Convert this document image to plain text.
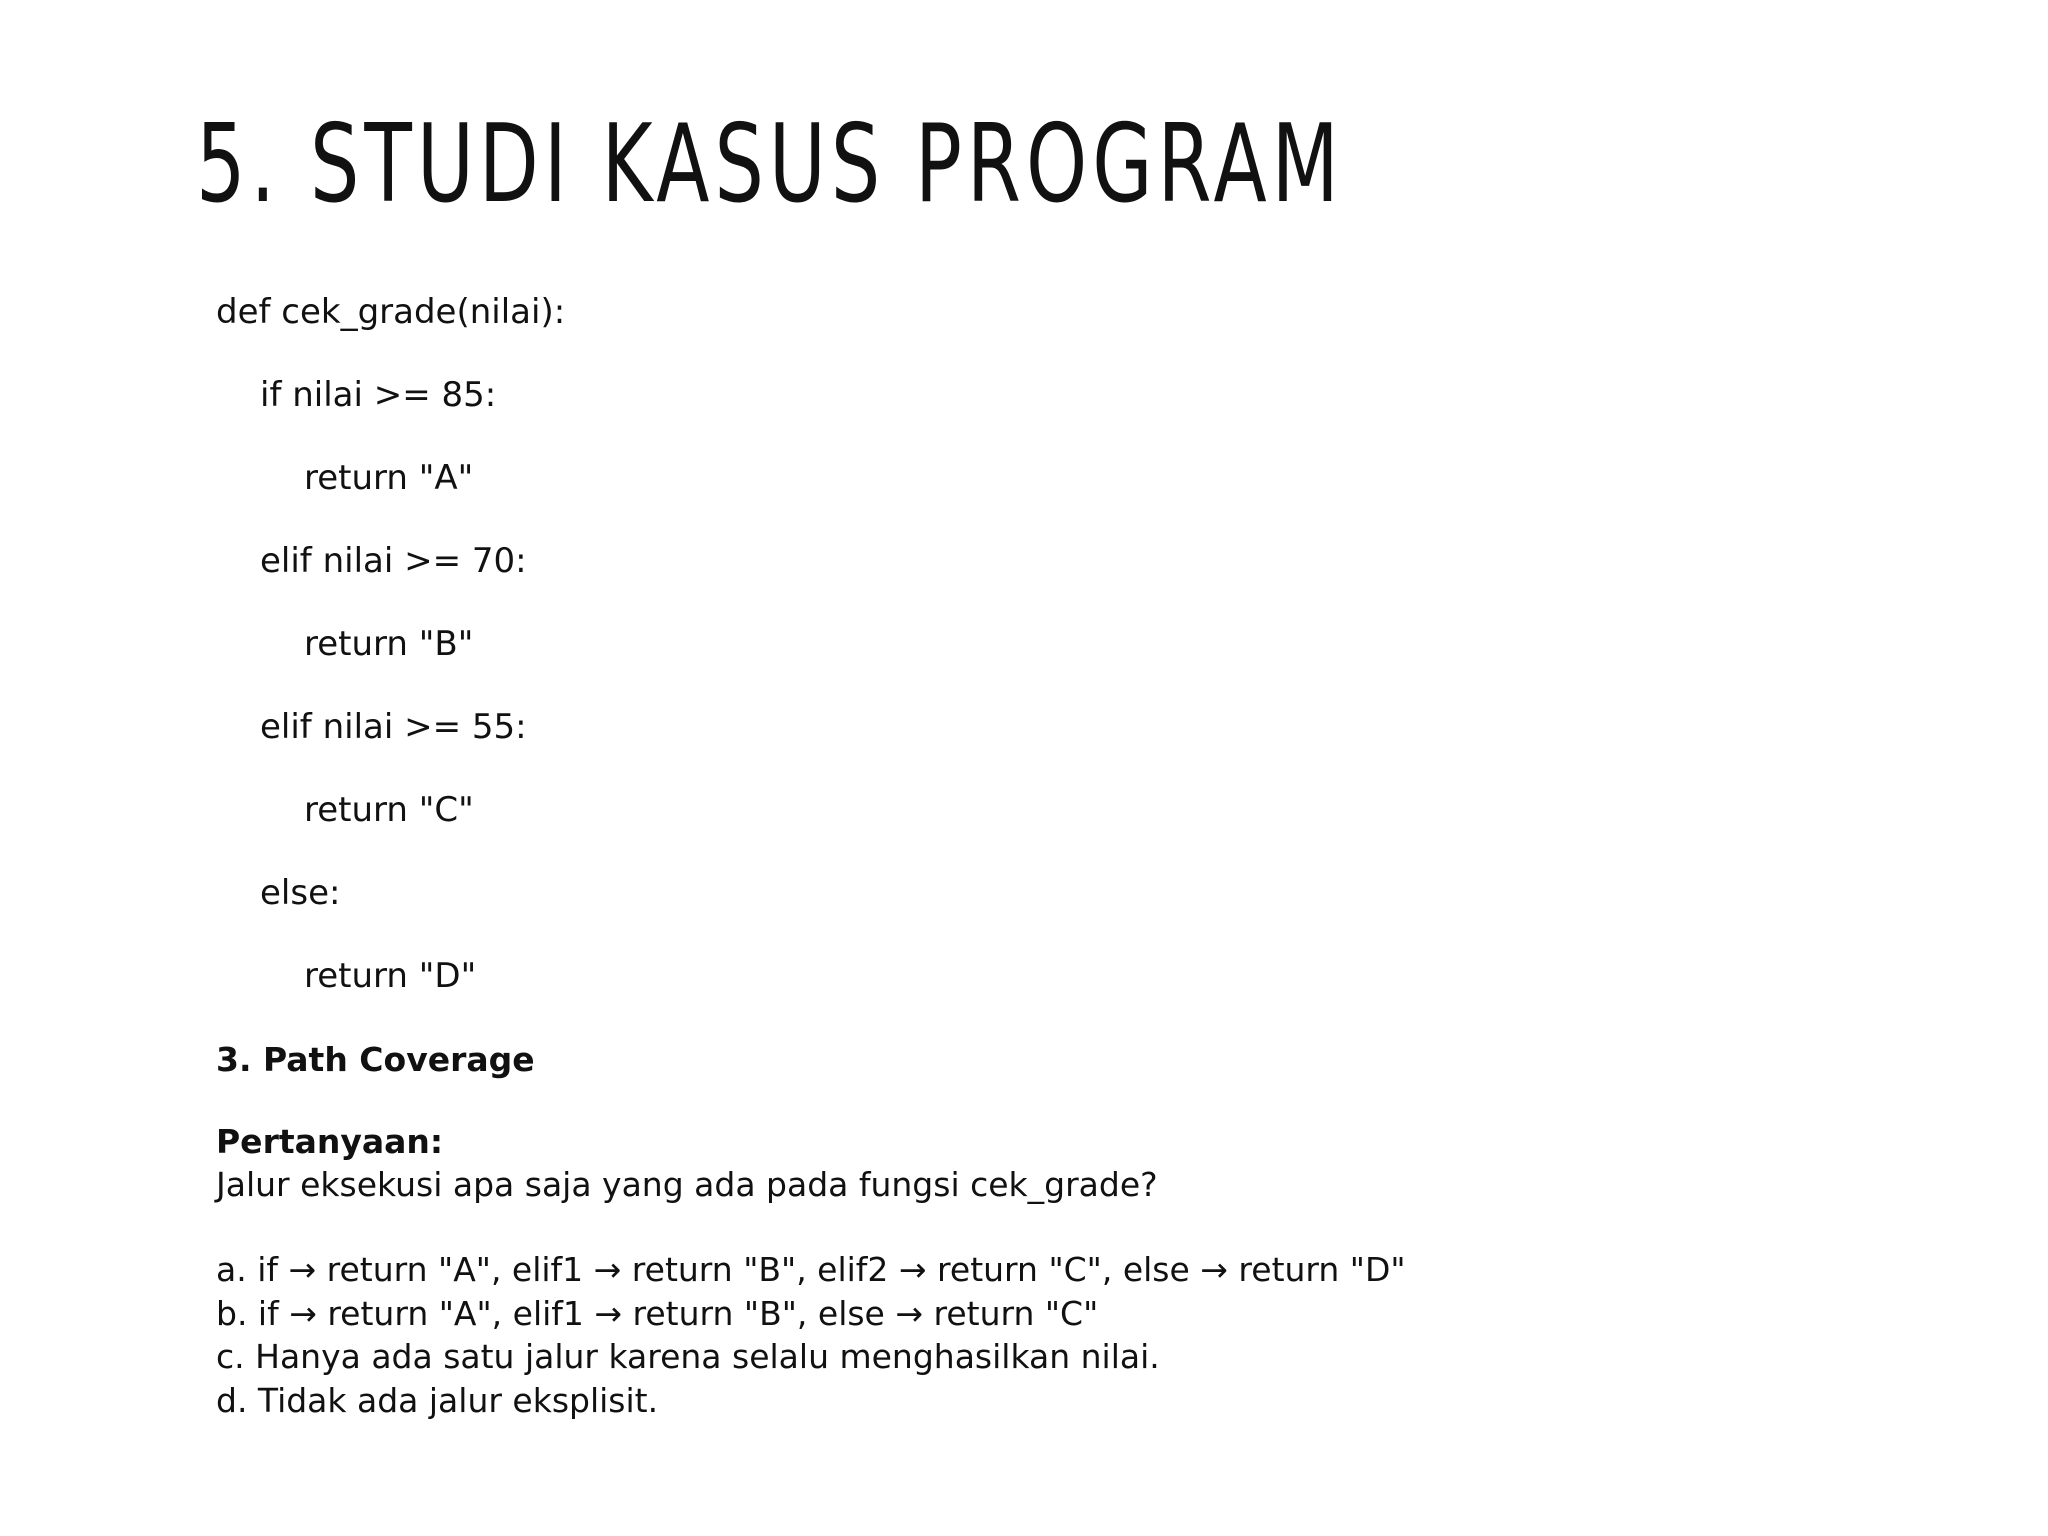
5. STUDI KASUS PROGRAM
def cek_grade(nilai):
if nilai >= 85:
return "A"
elif nilai >= 70:
return "B"
elif nilai >= 55:
return "C"
else:
return "D"
3. Path Coverage
Pertanyaan:
Jalur eksekusi apa saja yang ada pada fungsi cek_grade?
a. if → return "A", elif1 → return "B", elif2 → return "C", else → return "D"
b. if → return "A", elif1 → return "B", else → return "C"
c. Hanya ada satu jalur karena selalu menghasilkan nilai.
d. Tidak ada jalur eksplisit.
